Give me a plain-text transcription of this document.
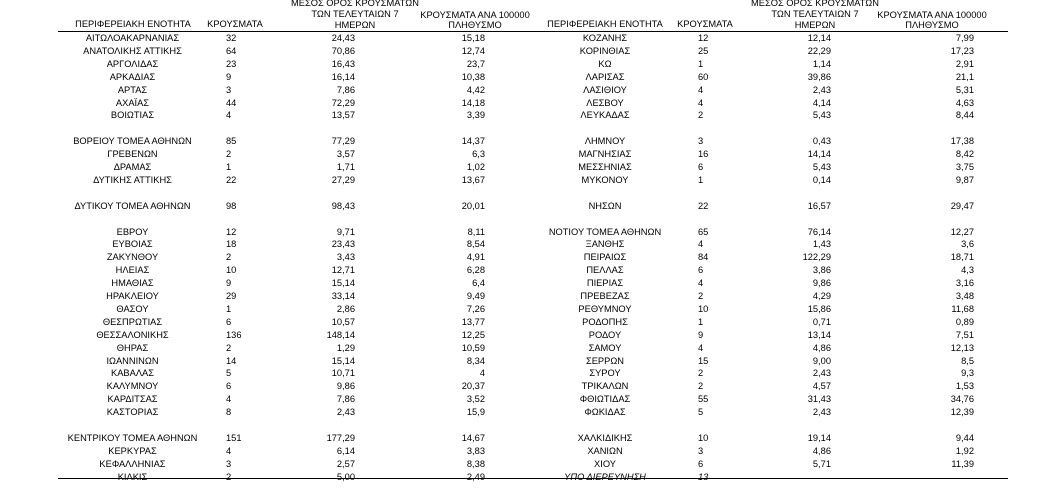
ΠΕΡΙΦΕΡΕΙΑΚΗ ΕΝΟΤΗΤΑ	ΚΡΟΥΣΜΑΤΑ
ΜΕΣΟΣ ΟΡΟΣ ΚΡΟΥΣΜΑΤΩΝ
ΤΩΝ ΤΕΛΕΥΤΑΙΩΝ 7
ΗΜΕΡΩΝ
ΚΡΟΥΣΜΑΤΑ ΑΝΑ 100000
ΠΛΗΘΥΣΜΟ	ΠΕΡΙΦΕΡΕΙΑΚΗ ΕΝΟΤΗΤΑ	ΚΡΟΥΣΜΑΤΑ
ΜΕΣΟΣ ΟΡΟΣ ΚΡΟΥΣΜΑΤΩΝ
ΤΩΝ ΤΕΛΕΥΤΑΙΩΝ 7
ΗΜΕΡΩΝ
ΚΡΟΥΣΜΑΤΑ ΑΝΑ 100000
ΠΛΗΘΥΣΜΟ
ΑΙΤΩΛΟΑΚΑΡΝΑΝΙΑΣ	32	24,43	15,18
ΑΝΑΤΟΛΙΚΗΣ ΑΤΤΙΚΗΣ	64	70,86	12,74
ΑΡΓΟΛΙΔΑΣ	23	16,43	23,7
ΑΡΚΑΔΙΑΣ	9	16,14	10,38
ΑΡΤΑΣ	3	7,86	4,42
ΑΧΑΪΑΣ	44	72,29	14,18
ΒΟΙΩΤΙΑΣ	4	13,57	3,39
ΒΟΡΕΙΟΥ ΤΟΜΕΑ ΑΘΗΝΩΝ	85	77,29	14,37
ΓΡΕΒΕΝΩΝ	2	3,57	6,3
ΔΡΑΜΑΣ	1	1,71	1,02
ΔΥΤΙΚΗΣ ΑΤΤΙΚΗΣ	22	27,29	13,67
ΔΥΤΙΚΟΥ ΤΟΜΕΑ ΑΘΗΝΩΝ	98	98,43	20,01
ΕΒΡΟΥ	12	9,71	8,11
ΕΥΒΟΙΑΣ	18	23,43	8,54
ΖΑΚΥΝΘΟΥ	2	3,43	4,91
ΗΛΕΙΑΣ	10	12,71	6,28
ΗΜΑΘΙΑΣ	9	15,14	6,4
ΗΡΑΚΛΕΙΟΥ	29	33,14	9,49
ΘΑΣΟΥ	1	2,86	7,26
ΘΕΣΠΡΩΤΙΑΣ	6	10,57	13,77
ΘΕΣΣΑΛΟΝΙΚΗΣ	136	148,14	12,25
ΘΗΡΑΣ	2	1,29	10,59
ΙΩΑΝΝΙΝΩΝ	14	15,14	8,34
ΚΑΒΑΛΑΣ	5	10,71	4
ΚΑΛΥΜΝΟΥ	6	9,86	20,37
ΚΑΡΔΙΤΣΑΣ	4	7,86	3,52
ΚΑΣΤΟΡΙΑΣ	8	2,43	15,9
ΚΕΝΤΡΙΚΟΥ ΤΟΜΕΑ ΑΘΗΝΩΝ	151	177,29	14,67
ΚΕΡΚΥΡΑΣ	4	6,14	3,83
ΚΕΦΑΛΛΗΝΙΑΣ	3	2,57	8,38
ΚΙΛΚΙΣ	2	5,00	2,49
ΚΟΖΑΝΗΣ	12	12,14	7,99
ΚΟΡΙΝΘΙΑΣ	25	22,29	17,23
ΚΩ	1	1,14	2,91
ΛΑΡΙΣΑΣ	60	39,86	21,1
ΛΑΣΙΘΙΟΥ	4	2,43	5,31
ΛΕΣΒΟΥ	4	4,14	4,63
ΛΕΥΚΑΔΑΣ	2	5,43	8,44
ΛΗΜΝΟΥ	3	0,43	17,38
ΜΑΓΝΗΣΙΑΣ	16	14,14	8,42
ΜΕΣΣΗΝΙΑΣ	6	5,43	3,75
ΜΥΚΟΝΟΥ	1	0,14	9,87
ΝΗΣΩΝ	22	16,57	29,47
ΝΟΤΙΟΥ ΤΟΜΕΑ ΑΘΗΝΩΝ	65	76,14	12,27
ΞΑΝΘΗΣ	4	1,43	3,6
ΠΕΙΡΑΙΩΣ	84	122,29	18,71
ΠΕΛΛΑΣ	6	3,86	4,3
ΠΙΕΡΙΑΣ	4	9,86	3,16
ΠΡΕΒΕΖΑΣ	2	4,29	3,48
ΡΕΘΥΜΝΟΥ	10	15,86	11,68
ΡΟΔΟΠΗΣ	1	0,71	0,89
ΡΟΔΟΥ	9	13,14	7,51
ΣΑΜΟΥ	4	4,86	12,13
ΣΕΡΡΩΝ	15	9,00	8,5
ΣΥΡΟΥ	2	2,43	9,3
ΤΡΙΚΑΛΩΝ	2	4,57	1,53
ΦΘΙΩΤΙΔΑΣ	55	31,43	34,76
ΦΩΚΙΔΑΣ	5	2,43	12,39
ΧΑΛΚΙΔΙΚΗΣ	10	19,14	9,44
ΧΑΝΙΩΝ	3	4,86	1,92
ΧΙΟΥ	6	5,71	11,39
ΥΠΟ ΔΙΕΡΕΥΝΗΣΗ	13
